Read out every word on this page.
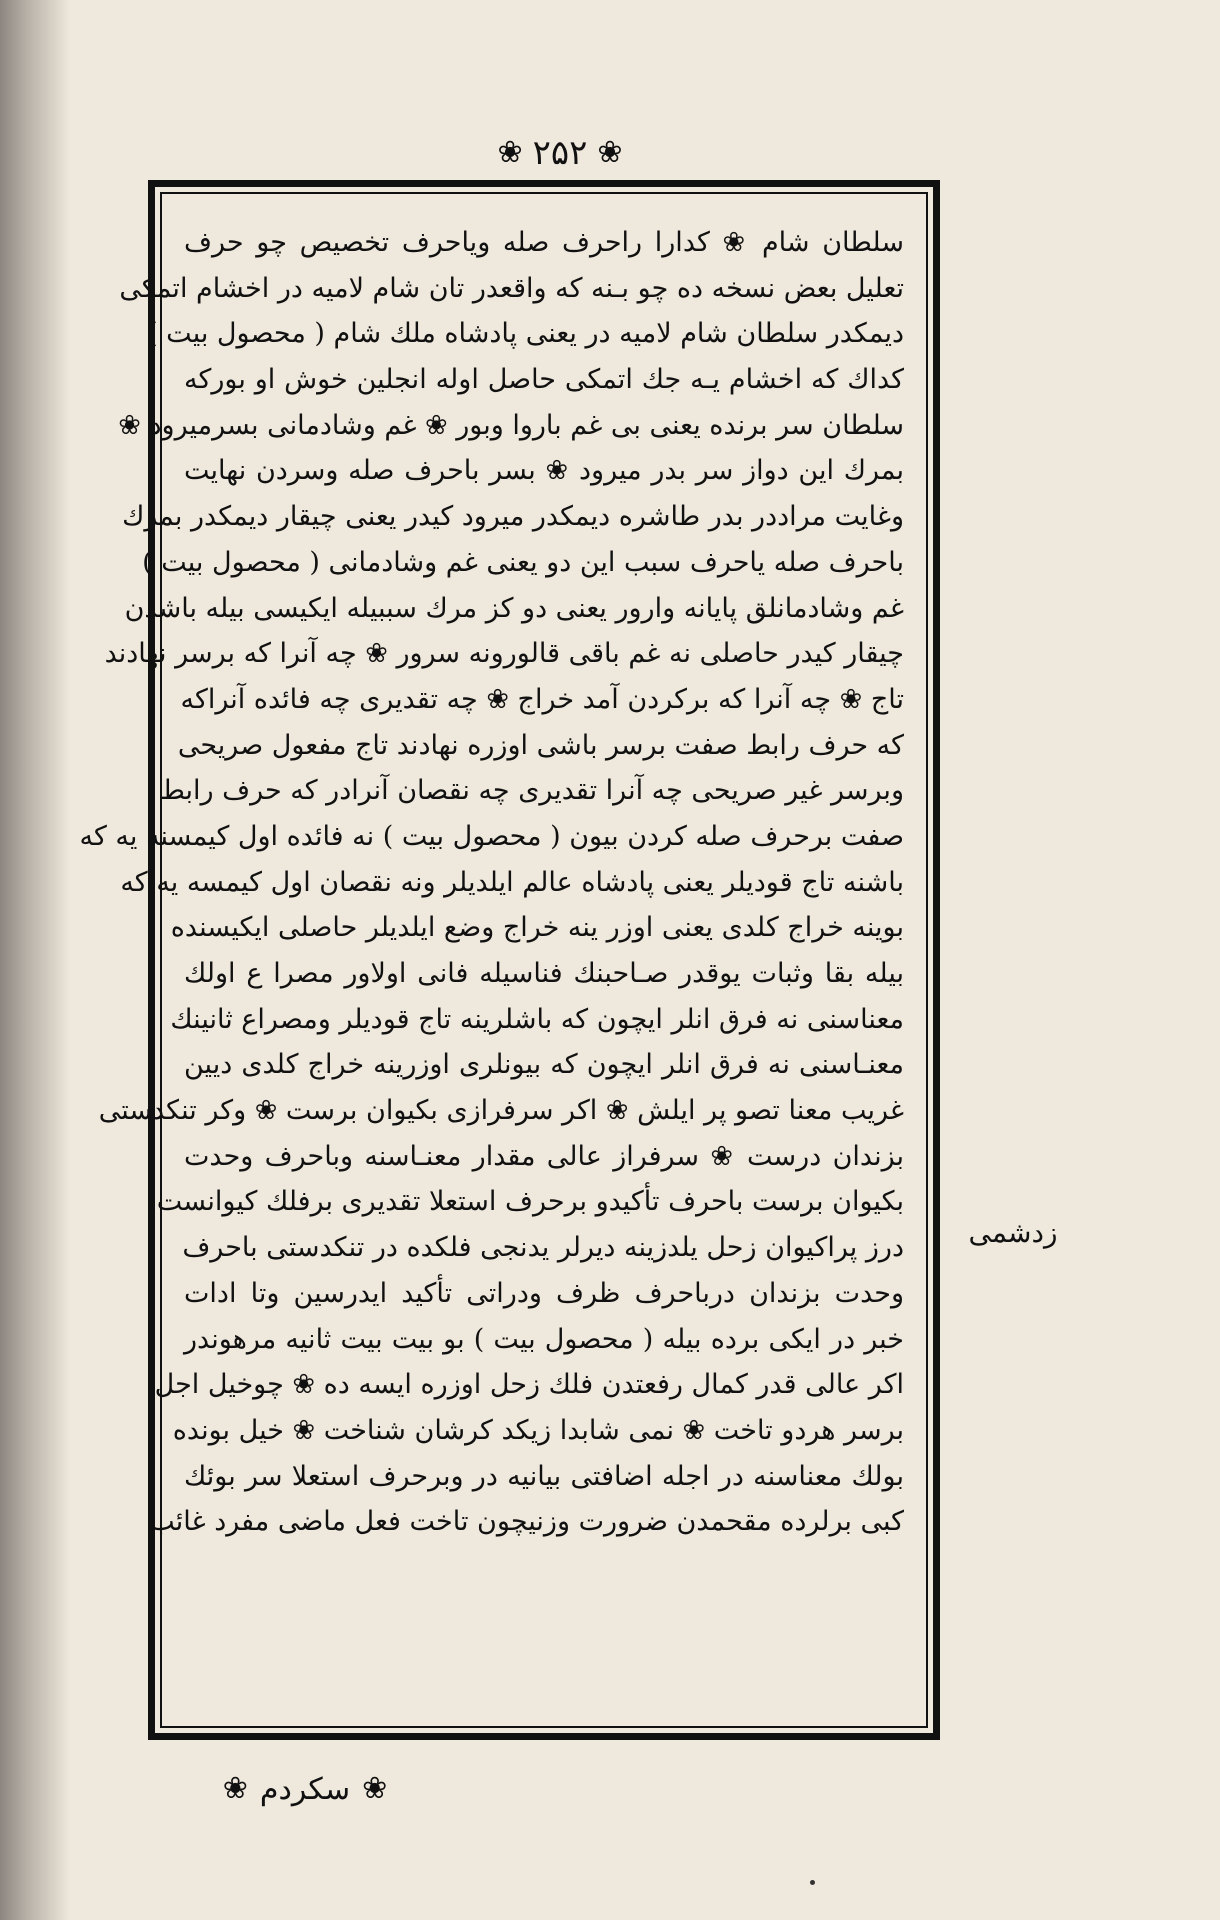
❀
۲۵۲
❀
سلطان شام ❀ كدارا راحرف صله وياحرف تخصيص چو حرف
تعليل بعض نسخه ده چو بـنه كه واقعدر تان شام لاميه در اخشام اتمكى
ديمكدر سلطان شام لاميه در يعنى پادشاه ملك شام ( محصول بيت )
كداك كه اخشام يـه جك اتمكى حاصل اوله انجلين خوش او بوركه
سلطان سر برنده يعنى بى غم باروا وبور ❀ غم وشادمانى بسرميرود ❀
بمرك اين دواز سر بدر ميرود ❀ بسر باحرف صله وسردن نهايت
وغايت مراددر بدر طاشره ديمكدر ميرود كيدر يعنى چيقار ديمكدر بمرك
باحرف صله ياحرف سبب اين دو يعنى غم وشادمانى ( محصول بيت )
غم وشادمانلق پايانه وارور يعنى دو كز مرك سببيله ايكيسى بيله باشدن
چيقار كيدر حاصلى نه غم باقى قالورونه سرور ❀ چه آنرا كه برسر نهادند
تاج ❀ چه آنرا كه بركردن آمد خراج ❀ چه تقديرى چه فائده آنراكه
كه حرف رابط صفت برسر باشى اوزره نهادند تاج مفعول صريحى
وبرسر غير صريحى چه آنرا تقديرى چه نقصان آنرادر كه حرف رابط
صفت برحرف صله كردن بيون ( محصول بيت ) نه فائده اول كيمسنه يه كه
باشنه تاج قوديلر يعنى پادشاه عالم ايلديلر ونه نقصان اول كيمسه يه كه
بوينه خراج كلدى يعنى اوزر ينه خراج وضع ايلديلر حاصلى ايكيسنده
بيله بقا وثبات يوقدر صـاحبنك فناسيله فانى اولاور مصرا ع اولك
معناسنى نه فرق انلر ايچون كه باشلرينه تاج قوديلر ومصراع ثانينك
معنـاسنى نه فرق انلر ايچون كه بيونلرى اوزرينه خراج كلدى ديين
غريب معنا تصو پر ايلش ❀ اكر سرفرازى بكيوان برست ❀ وكر تنكدستى
بزندان درست ❀ سرفراز عالى مقدار معنـاسنه وباحرف وحدت
بكيوان برست باحرف تأكيدو برحرف استعلا تقديرى برفلك كيوانست
درز پراكيوان زحل يلدزينه ديرلر يدنجى فلكده در تنكدستى باحرف
وحدت بزندان درباحرف ظرف ودراتى تأكيد ايدرسين وتا ادات
خبر در ايكى برده بيله ( محصول بيت ) بو بيت بيت ثانيه مرهوندر
اكر عالى قدر كمال رفعتدن فلك زحل اوزره ايسه ده ❀ چوخيل اجل
برسر هردو تاخت ❀ نمى شابدا زيكد كرشان شناخت ❀ خيل بونده
بولك معناسنه در اجله اضافتى بيانيه در وبرحرف استعلا سر بوئك
كبى برلرده مقحمدن ضرورت وزنيچون تاخت فعل ماضى مفرد غائب
زدشمى
❀
سكردم
❀
